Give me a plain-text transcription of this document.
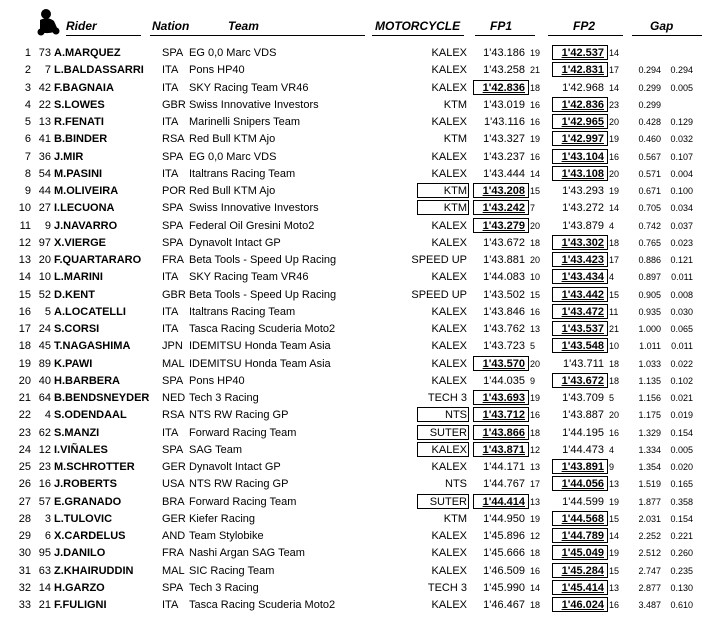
Rider	Nation	Team	MOTORCYCLE FP1	FP2	Gap
1 73 A.MARQUEZ	SPA EG 0,0 Marc VDS	KALEX	1'43.186 19	1'42.537 14
2	7 L.BALDASSARRI ITA Pons HP40	KALEX	1'43.258 21	1'42.831 17	0.294	0.294
3 42 F.BAGNAIA	ITA SKY Racing Team VR46	KALEX	1'42.836 18	1'42.968 14	0.299	0.005
4 22 S.LOWES	GBR Swiss Innovative Investors	KTM	1'43.019 16	1'42.836 23	0.299
5 13 R.FENATI	ITA Marinelli Snipers Team	KALEX	1'43.116 16	1'42.965 20	0.428	0.129
6 41 B.BINDER	RSA Red Bull KTM Ajo	KTM	1'43.327 19	1'42.997 19	0.460	0.032
7 36 J.MIR	SPA EG 0,0 Marc VDS	KALEX	1'43.237 16	1'43.104 16	0.567	0.107
8 54 M.PASINI	ITA Italtrans Racing Team	KALEX	1'43.444 14	1'43.108 20	0.571	0.004
9 44 M.OLIVEIRA	POR Red Bull KTM Ajo	KTM	1'43.208 15	1'43.293 19	0.671	0.100
10 27 I.LECUONA	SPA Swiss Innovative Investors	KTM	1'43.242 7	1'43.272 14	0.705	0.034
11	9 J.NAVARRO	SPA Federal Oil Gresini Moto2	KALEX	1'43.279 20	1'43.879 4	0.742	0.037
12 97 X.VIERGE	SPA Dynavolt Intact GP	KALEX	1'43.672 18	1'43.302 18	0.765	0.023
13 20 F.QUARTARARO FRA Beta Tools - Speed Up Racing	SPEED UP	1'43.881 20	1'43.423 17	0.886	0.121
14 10 L.MARINI	ITA SKY Racing Team VR46	KALEX	1'44.083 10	1'43.434 4	0.897	0.011
15 52 D.KENT	GBR Beta Tools - Speed Up Racing	SPEED UP	1'43.502 15	1'43.442 15	0.905	0.008
16	5 A.LOCATELLI	ITA Italtrans Racing Team	KALEX	1'43.846 16	1'43.472 11	0.935	0.030
17 24 S.CORSI	ITA Tasca Racing Scuderia Moto2	KALEX	1'43.762 13	1'43.537 21	1.000	0.065
18 45 T.NAGASHIMA	JPN IDEMITSU Honda Team Asia	KALEX	1'43.723 5	1'43.548 10	1.011	0.011
19 89 K.PAWI	MAL IDEMITSU Honda Team Asia	KALEX	1'43.570 20	1'43.711 18	1.033	0.022
20 40 H.BARBERA	SPA Pons HP40	KALEX	1'44.035 9	1'43.672 18	1.135	0.102
21 64 B.BENDSNEYDER NED Tech 3 Racing	TECH 3	1'43.693 19	1'43.709 5	1.156	0.021
22	4 S.ODENDAAL	RSA NTS RW Racing GP	NTS	1'43.712 16	1'43.887 20	1.175	0.019
23 62 S.MANZI	ITA Forward Racing Team	SUTER	1'43.866 18	1'44.195 16	1.329	0.154
24 12 I.VIÑALES	SPA SAG Team	KALEX	1'43.871 12	1'44.473 4	1.334	0.005
25 23 M.SCHROTTER GER Dynavolt Intact GP	KALEX	1'44.171 13	1'43.891 9	1.354	0.020
26 16 J.ROBERTS	USA NTS RW Racing GP	NTS	1'44.767 17	1'44.056 13	1.519	0.165
27 57 E.GRANADO	BRA Forward Racing Team	SUTER	1'44.414 13	1'44.599 19	1.877	0.358
28	3 L.TULOVIC	GER Kiefer Racing	KTM	1'44.950 19	1'44.568 15	2.031	0.154
29	6 X.CARDELUS	AND Team Stylobike	KALEX	1'45.896 12	1'44.789 14	2.252	0.221
30 95 J.DANILO	FRA Nashi Argan SAG Team	KALEX	1'45.666 18	1'45.049 19	2.512	0.260
31 63 Z.KHAIRUDDIN	MAL SIC Racing Team	KALEX	1'46.509 16	1'45.284 15	2.747	0.235
32 14 H.GARZO	SPA Tech 3 Racing	TECH 3	1'45.990 14	1'45.414 13	2.877	0.130
33 21 F.FULIGNI	ITA Tasca Racing Scuderia Moto2	KALEX	1'46.467 18	1'46.024 16	3.487	0.610
